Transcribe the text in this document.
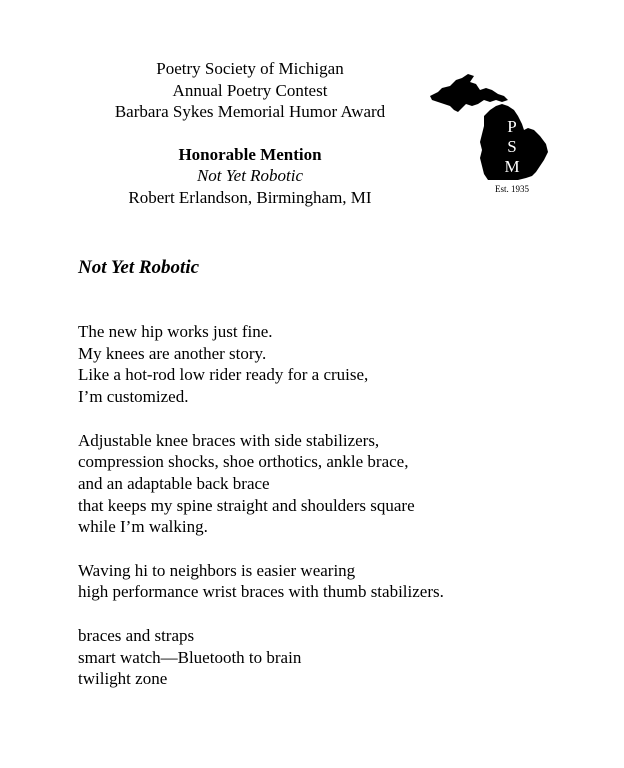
Poetry Society of Michigan
Annual Poetry Contest
Barbara Sykes Memorial Humor Award
Honorable Mention
Not Yet Robotic
Robert Erlandson, Birmingham, MI
P
S
M
Est. 1935
Not Yet Robotic
The new hip works just fine.
My knees are another story.
Like a hot-rod low rider ready for a cruise,
I’m customized.
Adjustable knee braces with side stabilizers,
compression shocks, shoe orthotics, ankle brace,
and an adaptable back brace
that keeps my spine straight and shoulders square
while I’m walking.
Waving hi to neighbors is easier wearing
high performance wrist braces with thumb stabilizers.
braces and straps
smart watch—Bluetooth to brain
twilight zone
